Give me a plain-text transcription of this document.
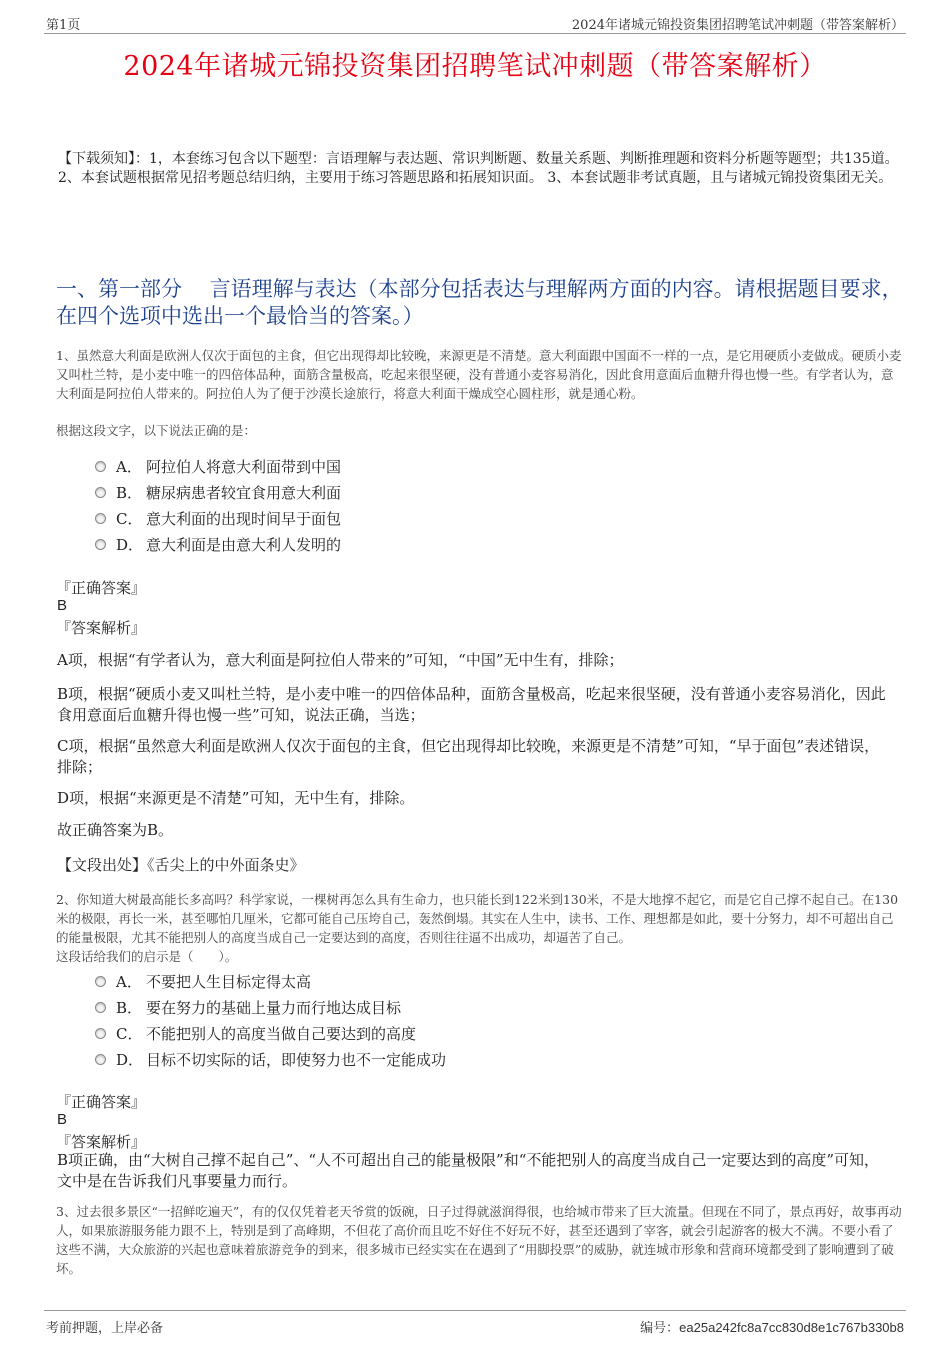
第1页	2024年诸城元锦投资集团招聘笔试冲刺题（带答案解析）
2024年诸城元锦投资集团招聘笔试冲刺题（带答案解析）
【下载须知】：1，本套练习包含以下题型：言语理解与表达题、常识判断题、数量关系题、判断推理题和资料分析题等题型；共135道。 2、本套试题根据常见招考题总结归纳，主要用于练习答题思路和拓展知识面。 3、本套试题非考试真题，且与诸城元锦投资集团无关。
一、第一部分　 言语理解与表达（本部分包括表达与理解两方面的内容。请根据题目要求，在四个选项中选出一个最恰当的答案。）
1、虽然意大利面是欧洲人仅次于面包的主食，但它出现得却比较晚，来源更是不清楚。意大利面跟中国面不一样的一点，是它用硬质小麦做成。硬质小麦又叫杜兰特，是小麦中唯一的四倍体品种，面筋含量极高，吃起来很坚硬，没有普通小麦容易消化，因此食用意面后血糖升得也慢一些。有学者认为，意大利面是阿拉伯人带来的。阿拉伯人为了便于沙漠长途旅行，将意大利面干燥成空心圆柱形，就是通心粉。
根据这段文字，以下说法正确的是：
A． 阿拉伯人将意大利面带到中国
B． 糖尿病患者较宜食用意大利面
C． 意大利面的出现时间早于面包
D． 意大利面是由意大利人发明的
『正确答案』
B
『答案解析』
A项，根据“有学者认为，意大利面是阿拉伯人带来的”可知，“中国”无中生有，排除；
B项，根据“硬质小麦又叫杜兰特，是小麦中唯一的四倍体品种，面筋含量极高，吃起来很坚硬，没有普通小麦容易消化，因此食用意面后血糖升得也慢一些”可知，说法正确，当选；
C项，根据“虽然意大利面是欧洲人仅次于面包的主食，但它出现得却比较晚，来源更是不清楚”可知，“早于面包”表述错误，排除；
D项，根据“来源更是不清楚”可知，无中生有，排除。
故正确答案为B。
【文段出处】《舌尖上的中外面条史》
2、你知道大树最高能长多高吗？科学家说，一棵树再怎么具有生命力，也只能长到122米到130米，不是大地撑不起它，而是它自己撑不起自己。在130米的极限，再长一米，甚至哪怕几厘米，它都可能自己压垮自己，轰然倒塌。其实在人生中，读书、工作、理想都是如此，要十分努力，却不可超出自己的能量极限，尤其不能把别人的高度当成自己一定要达到的高度，否则往往逼不出成功，却逼苦了自己。
这段话给我们的启示是（　　）。
A． 不要把人生目标定得太高
B． 要在努力的基础上量力而行地达成目标
C． 不能把别人的高度当做自己要达到的高度
D． 目标不切实际的话，即使努力也不一定能成功
『正确答案』
B
『答案解析』
B项正确，由“大树自己撑不起自己”、“人不可超出自己的能量极限”和“不能把别人的高度当成自己一定要达到的高度”可知，文中是在告诉我们凡事要量力而行。
3、过去很多景区“一招鲜吃遍天”，有的仅仅凭着老天爷赏的饭碗，日子过得就滋润得很，也给城市带来了巨大流量。但现在不同了，景点再好，故事再动人，如果旅游服务能力跟不上，特别是到了高峰期，不但花了高价而且吃不好住不好玩不好，甚至还遇到了宰客，就会引起游客的极大不满。不要小看了这些不满，大众旅游的兴起也意味着旅游竞争的到来，很多城市已经实实在在遇到了“用脚投票”的威胁，就连城市形象和营商环境都受到了影响遭到了破坏。
考前押题，上岸必备	编号：ea25a242fc8a7cc830d8e1c767b330b8
